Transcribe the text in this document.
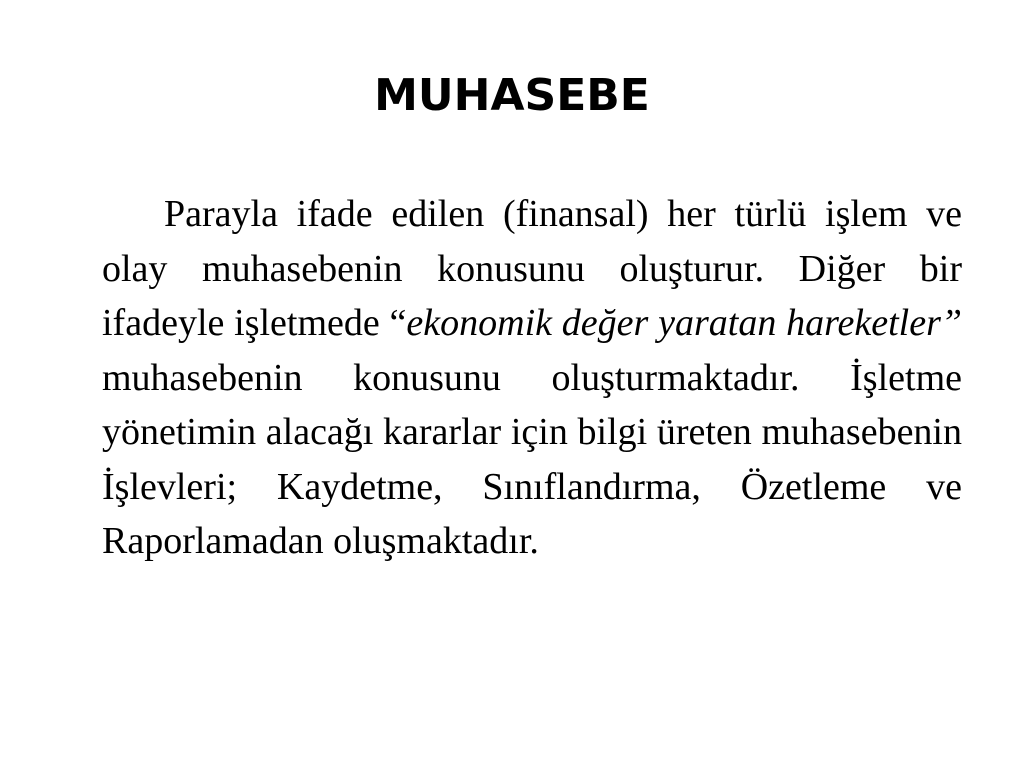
MUHASEBE

Parayla ifade edilen (finansal) her türlü işlem ve olay muhasebenin konusunu oluşturur. Diğer bir ifadeyle işletmede “ekonomik değer yaratan hareketler” muhasebenin konusunu oluşturmaktadır. İşletme yönetimin alacağı kararlar için bilgi üreten muhasebenin İşlevleri; Kaydetme, Sınıflandırma, Özetleme ve Raporlamadan oluşmaktadır.
